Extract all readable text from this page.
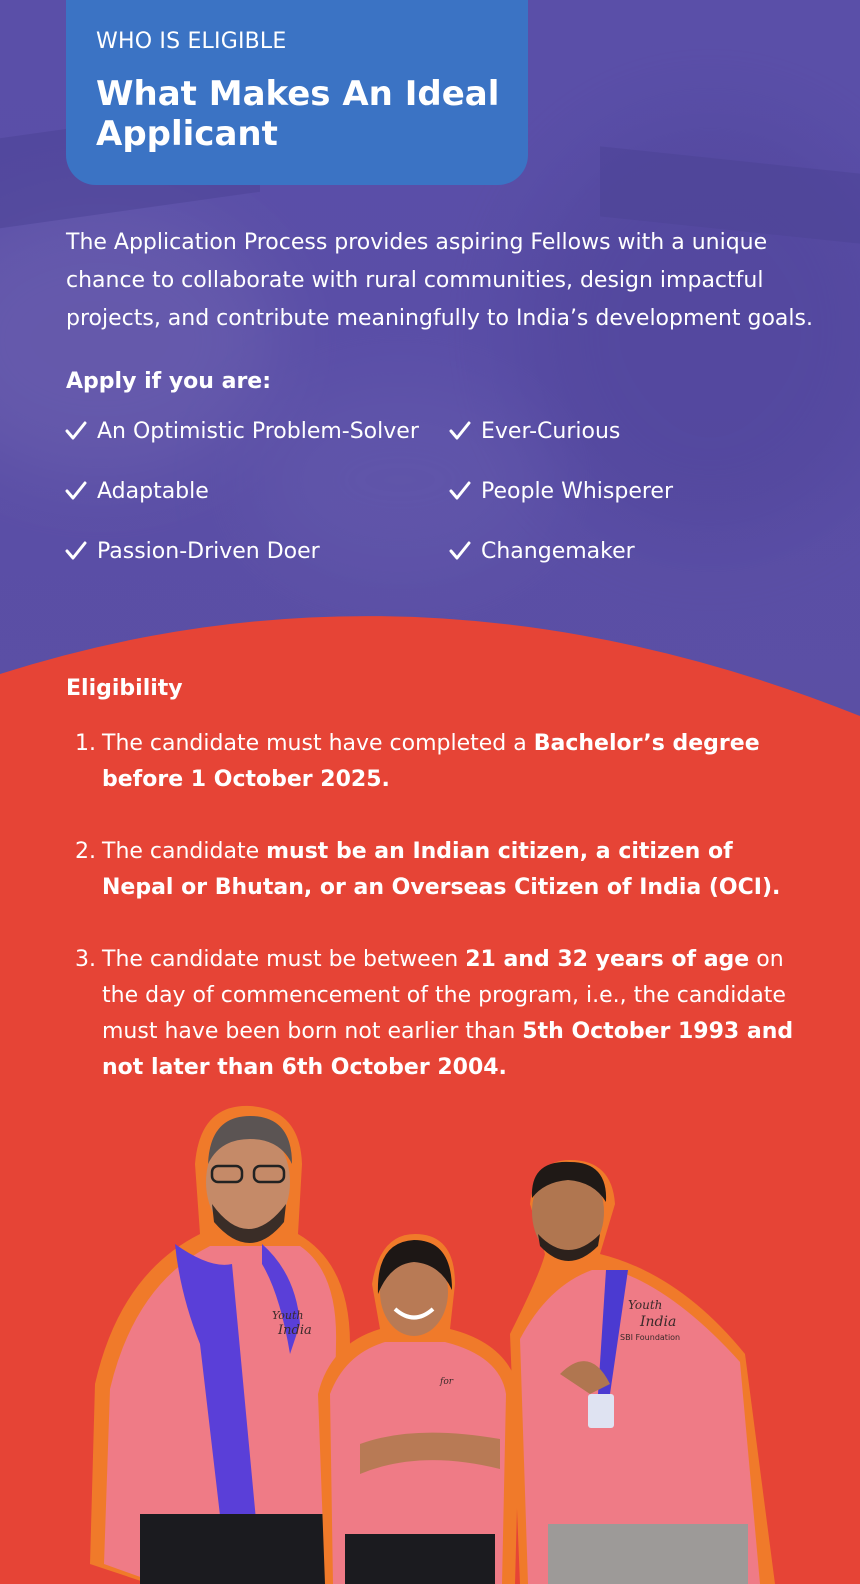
WHO IS ELIGIBLE
What Makes An Ideal Applicant

The Application Process provides aspiring Fellows with a unique chance to collaborate with rural communities, design impactful projects, and contribute meaningfully to India’s development goals.

Apply if you are:
An Optimistic Problem-Solver	Ever-Curious
Adaptable	People Whisperer
Passion-Driven Doer	Changemaker
Eligibility
1. The candidate must have completed a Bachelor’s degree before 1 October 2025.
2. The candidate must be an Indian citizen, a citizen of Nepal or Bhutan, or an Overseas Citizen of India (OCI).
3. The candidate must be between 21 and 32 years of age on the day of commencement of the program, i.e., the candidate must have been born not earlier than 5th October 1993 and not later than 6th October 2004.
Youth
India
for
Youth
India
SBI Foundation
